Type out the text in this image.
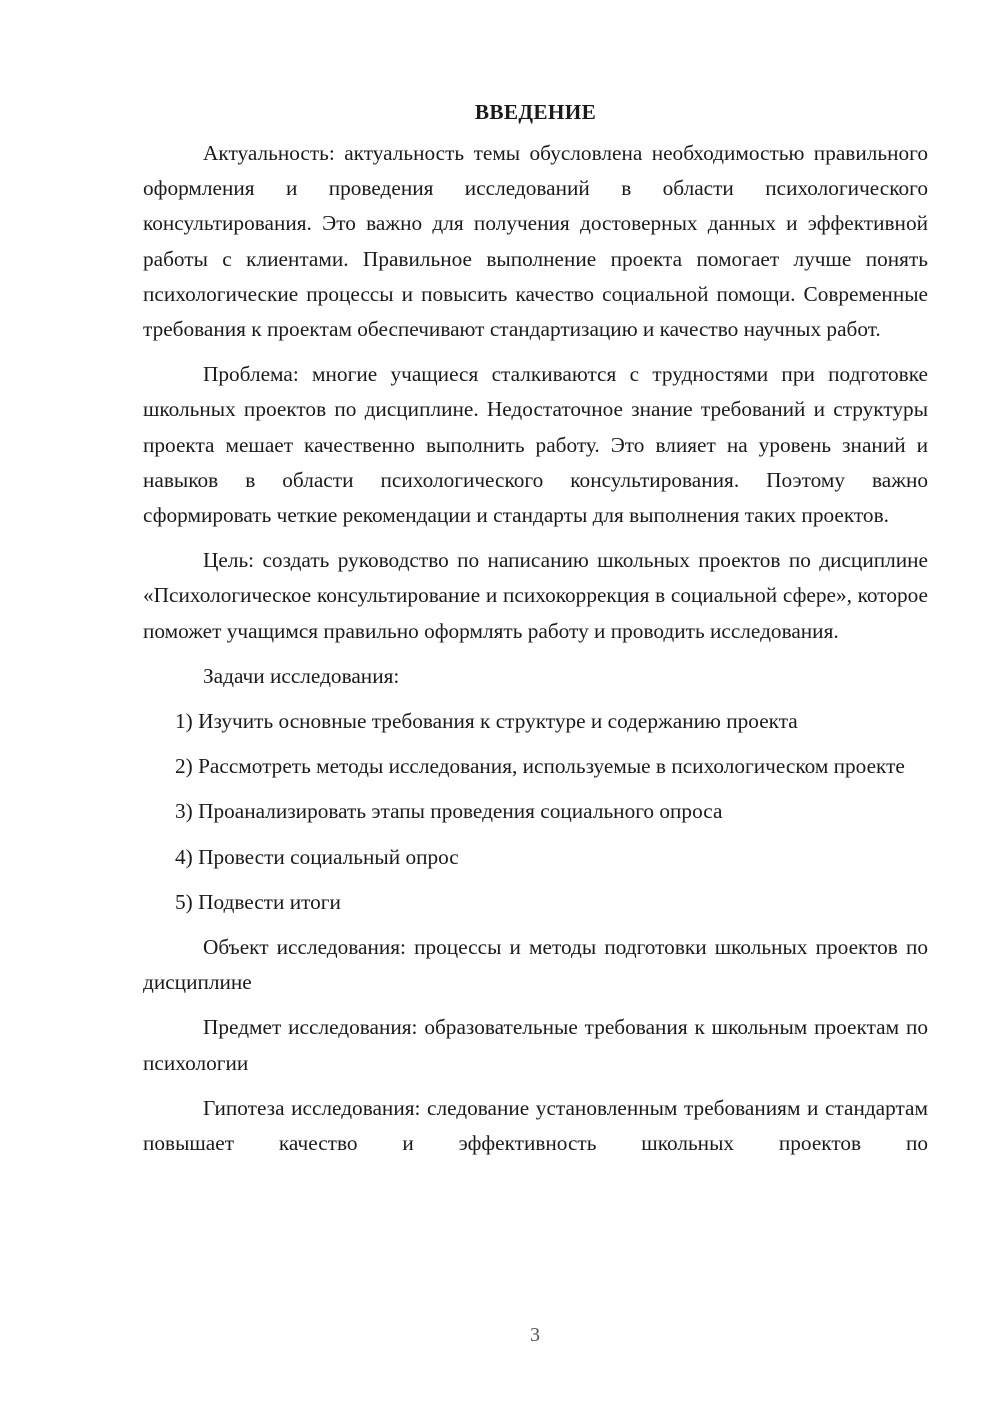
ВВЕДЕНИЕ

Актуальность: актуальность темы обусловлена необходимостью правильного оформления и проведения исследований в области психологического консультирования. Это важно для получения достоверных данных и эффективной работы с клиентами. Правильное выполнение проекта помогает лучше понять психологические процессы и повысить качество социальной помощи. Современные требования к проектам обеспечивают стандартизацию и качество научных работ.

Проблема: многие учащиеся сталкиваются с трудностями при подготовке школьных проектов по дисциплине. Недостаточное знание требований и структуры проекта мешает качественно выполнить работу. Это влияет на уровень знаний и навыков в области психологического консультирования. Поэтому важно сформировать четкие рекомендации и стандарты для выполнения таких проектов.

Цель: создать руководство по написанию школьных проектов по дисциплине «Психологическое консультирование и психокоррекция в социальной сфере», которое поможет учащимся правильно оформлять работу и проводить исследования.

Задачи исследования:

1) Изучить основные требования к структуре и содержанию проекта

2) Рассмотреть методы исследования, используемые в психологическом проекте

3) Проанализировать этапы проведения социального опроса

4) Провести социальный опрос

5) Подвести итоги

Объект исследования: процессы и методы подготовки школьных проектов по дисциплине

Предмет исследования: образовательные требования к школьным проектам по психологии

Гипотеза исследования: следование установленным требованиям и стандартам повышает качество и эффективность школьных проектов по

3
